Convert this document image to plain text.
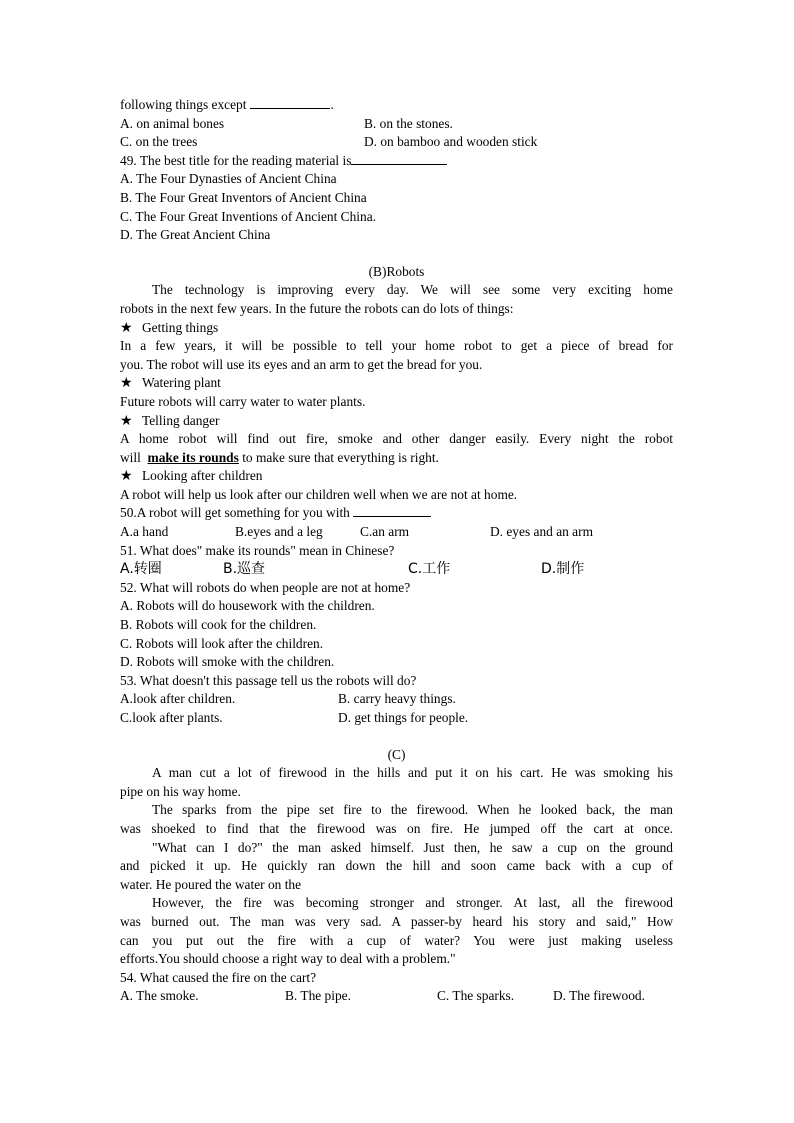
following things except	.
A. on animal bones	B. on the stones.
C. on the trees	D. on bamboo and wooden stick
49. The best title for the reading material is
A. The Four Dynasties of Ancient China
B. The Four Great Inventors of Ancient China
C. The Four Great Inventions of Ancient China.
D. The Great Ancient China
(B)Robots
The technology is improving every day. We will see some very exciting home
robots in the next few years. In the future the robots can do lots of things:
★ Getting things
In a few years, it will be possible to tell your home robot to get a piece of bread for
you. The robot will use its eyes and an arm to get the bread for you.
★ Watering plant
Future robots will carry water to water plants.
★ Telling danger
A home robot will find out fire, smoke and other danger easily. Every night the robot
will make its rounds to make sure that everything is right.
★ Looking after children
A robot will help us look after our children well when we are not at home.
50.A robot will get something for you with
A.a hand	B.eyes and a leg	C.an arm	D. eyes and an arm
51. What does" make its rounds" mean in Chinese?
A.转圈	B.巡查	C.工作	D.制作
52. What will robots do when people are not at home?
A. Robots will do housework with the children.
B. Robots will cook for the children.
C. Robots will look after the children.
D. Robots will smoke with the children.
53. What doesn't this passage tell us the robots will do?
A.look after children.	B. carry heavy things.
C.look after plants.	D. get things for people.
(C)
A man cut a lot of firewood in the hills and put it on his cart. He was smoking his
pipe on his way home.
The sparks from the pipe set fire to the firewood. When he looked back, the man
was shoeked to find that the firewood was on fire. He jumped off the cart at once.
"What can I do?" the man asked himself. Just then, he saw a cup on the ground
and picked it up. He quickly ran down the hill and soon came back with a cup of
water. He poured the water on the
However, the fire was becoming stronger and stronger. At last, all the firewood
was burned out. The man was very sad. A passer-by heard his story and said," How
can you put out the fire with a cup of water? You were just making useless
efforts.You should choose a right way to deal with a problem."
54. What caused the fire on the cart?
A. The smoke.	B. The pipe.	C. The sparks.	D. The firewood.
